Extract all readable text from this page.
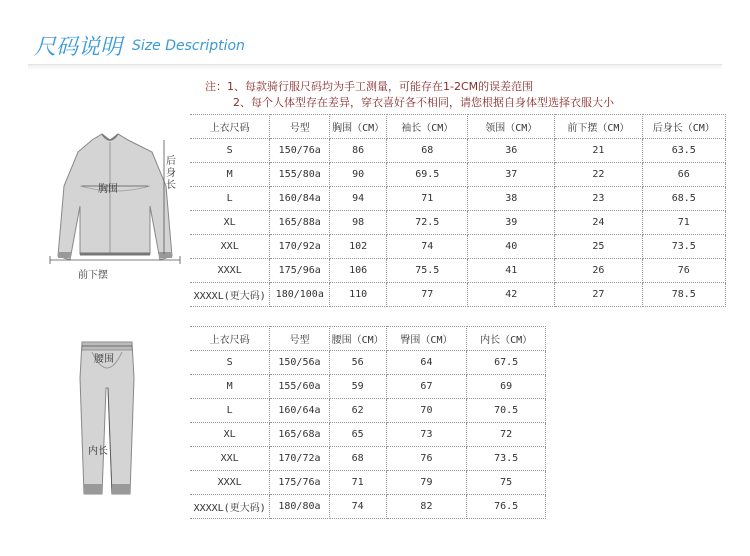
尺码说明 Size Description
注：1、每款骑行服尺码均为手工测量，可能存在1-2CM的误差范围
2、每个人体型存在差异，穿衣喜好各不相同，请您根据自身体型选择衣服大小
胸围
后身长
前下摆
腰围
内长
上衣尺码	号型	胸围（CM）	袖长（CM）	领围（CM）	前下摆（CM）	后身长（CM）
S	150/76a	86	68	36	21	63.5
M	155/80a	90	69.5	37	22	66
L	160/84a	94	71	38	23	68.5
XL	165/88a	98	72.5	39	24	71
XXL	170/92a	102	74	40	25	73.5
XXXL	175/96a	106	75.5	41	26	76
XXXXL(更大码)	180/100a	110	77	42	27	78.5
上衣尺码	号型	腰围（CM）	臀围（CM）	内长（CM）
S	150/56a	56	64	67.5
M	155/60a	59	67	69
L	160/64a	62	70	70.5
XL	165/68a	65	73	72
XXL	170/72a	68	76	73.5
XXXL	175/76a	71	79	75
XXXXL(更大码)	180/80a	74	82	76.5
